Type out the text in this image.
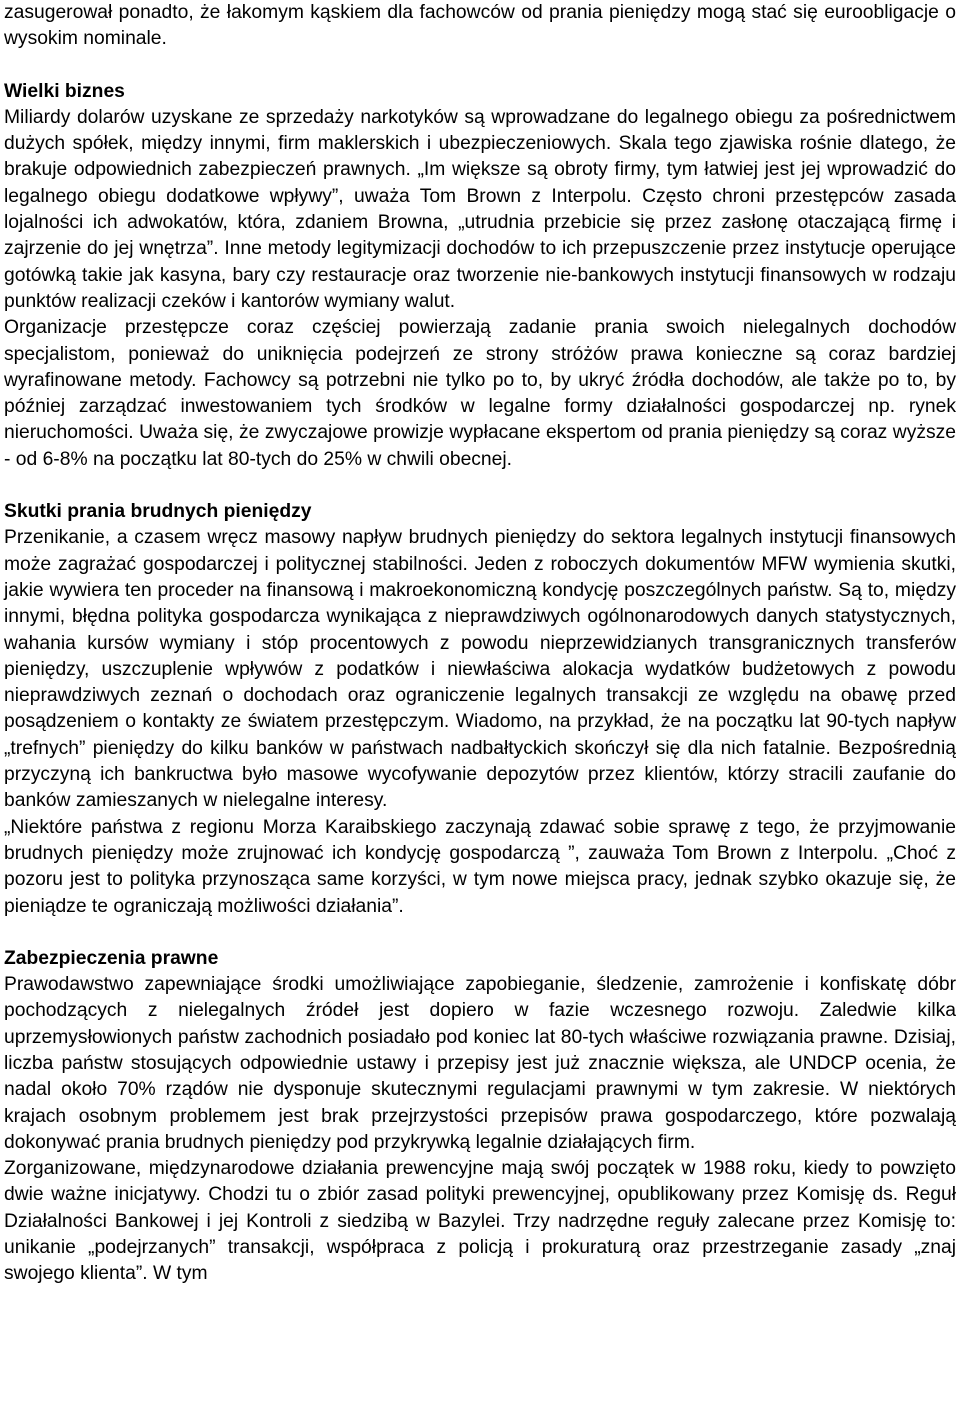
zasugerował ponadto, że łakomym kąskiem dla fachowców od prania pieniędzy mogą stać się euroobligacje o wysokim nominale.

Wielki biznes

Miliardy dolarów uzyskane ze sprzedaży narkotyków są wprowadzane do legalnego obiegu za pośrednictwem dużych spółek, między innymi, firm maklerskich i ubezpieczeniowych. Skala tego zjawiska rośnie dlatego, że brakuje odpowiednich zabezpieczeń prawnych. „Im większe są obroty firmy, tym łatwiej jest jej wprowadzić do legalnego obiegu dodatkowe wpływy”, uważa Tom Brown z Interpolu. Często chroni przestępców zasada lojalności ich adwokatów, która, zdaniem Browna, „utrudnia przebicie się przez zasłonę otaczającą firmę i zajrzenie do jej wnętrza”. Inne metody legitymizacji dochodów to ich przepuszczenie przez instytucje operujące gotówką takie jak kasyna, bary czy restauracje oraz tworzenie nie-bankowych instytucji finansowych w rodzaju punktów realizacji czeków i kantorów wymiany walut.

Organizacje przestępcze coraz częściej powierzają zadanie prania swoich nielegalnych dochodów specjalistom, ponieważ do uniknięcia podejrzeń ze strony stróżów prawa konieczne są coraz bardziej wyrafinowane metody. Fachowcy są potrzebni nie tylko po to, by ukryć źródła dochodów, ale także po to, by później zarządzać inwestowaniem tych środków w legalne formy działalności gospodarczej np. rynek nieruchomości. Uważa się, że zwyczajowe prowizje wypłacane ekspertom od prania pieniędzy są coraz wyższe - od 6-8% na początku lat 80-tych do 25% w chwili obecnej.

Skutki prania brudnych pieniędzy

Przenikanie, a czasem wręcz masowy napływ brudnych pieniędzy do sektora legalnych instytucji finansowych może zagrażać gospodarczej i politycznej stabilności. Jeden z roboczych dokumentów MFW wymienia skutki, jakie wywiera ten proceder na finansową i makroekonomiczną kondycję poszczególnych państw. Są to, między innymi, błędna polityka gospodarcza wynikająca z nieprawdziwych ogólnonarodowych danych statystycznych, wahania kursów wymiany i stóp procentowych z powodu nieprzewidzianych transgranicznych transferów pieniędzy, uszczuplenie wpływów z podatków i niewłaściwa alokacja wydatków budżetowych z powodu nieprawdziwych zeznań o dochodach oraz ograniczenie legalnych transakcji ze względu na obawę przed posądzeniem o kontakty ze światem przestępczym. Wiadomo, na przykład, że na początku lat 90-tych napływ „trefnych” pieniędzy do kilku banków w państwach nadbałtyckich skończył się dla nich fatalnie. Bezpośrednią przyczyną ich bankructwa było masowe wycofywanie depozytów przez klientów, którzy stracili zaufanie do banków zamieszanych w nielegalne interesy.

„Niektóre państwa z regionu Morza Karaibskiego zaczynają zdawać sobie sprawę z tego, że przyjmowanie brudnych pieniędzy może zrujnować ich kondycję gospodarczą ”, zauważa Tom Brown z Interpolu. „Choć z pozoru jest to polityka przynosząca same korzyści, w tym nowe miejsca pracy, jednak szybko okazuje się, że pieniądze te ograniczają możliwości działania”.

Zabezpieczenia prawne

Prawodawstwo zapewniające środki umożliwiające zapobieganie, śledzenie, zamrożenie i konfiskatę dóbr pochodzących z nielegalnych źródeł jest dopiero w fazie wczesnego rozwoju. Zaledwie kilka uprzemysłowionych państw zachodnich posiadało pod koniec lat 80-tych właściwe rozwiązania prawne. Dzisiaj, liczba państw stosujących odpowiednie ustawy i przepisy jest już znacznie większa, ale UNDCP ocenia, że nadal około 70% rządów nie dysponuje skutecznymi regulacjami prawnymi w tym zakresie. W niektórych krajach osobnym problemem jest brak przejrzystości przepisów prawa gospodarczego, które pozwalają dokonywać prania brudnych pieniędzy pod przykrywką legalnie działających firm.

Zorganizowane, międzynarodowe działania prewencyjne mają swój początek w 1988 roku, kiedy to powzięto dwie ważne inicjatywy. Chodzi tu o zbiór zasad polityki prewencyjnej, opublikowany przez Komisję ds. Reguł Działalności Bankowej i jej Kontroli z siedzibą w Bazylei. Trzy nadrzędne reguły zalecane przez Komisję to: unikanie „podejrzanych” transakcji, współpraca z policją i prokuraturą oraz przestrzeganie zasady „znaj swojego klienta”. W tym
